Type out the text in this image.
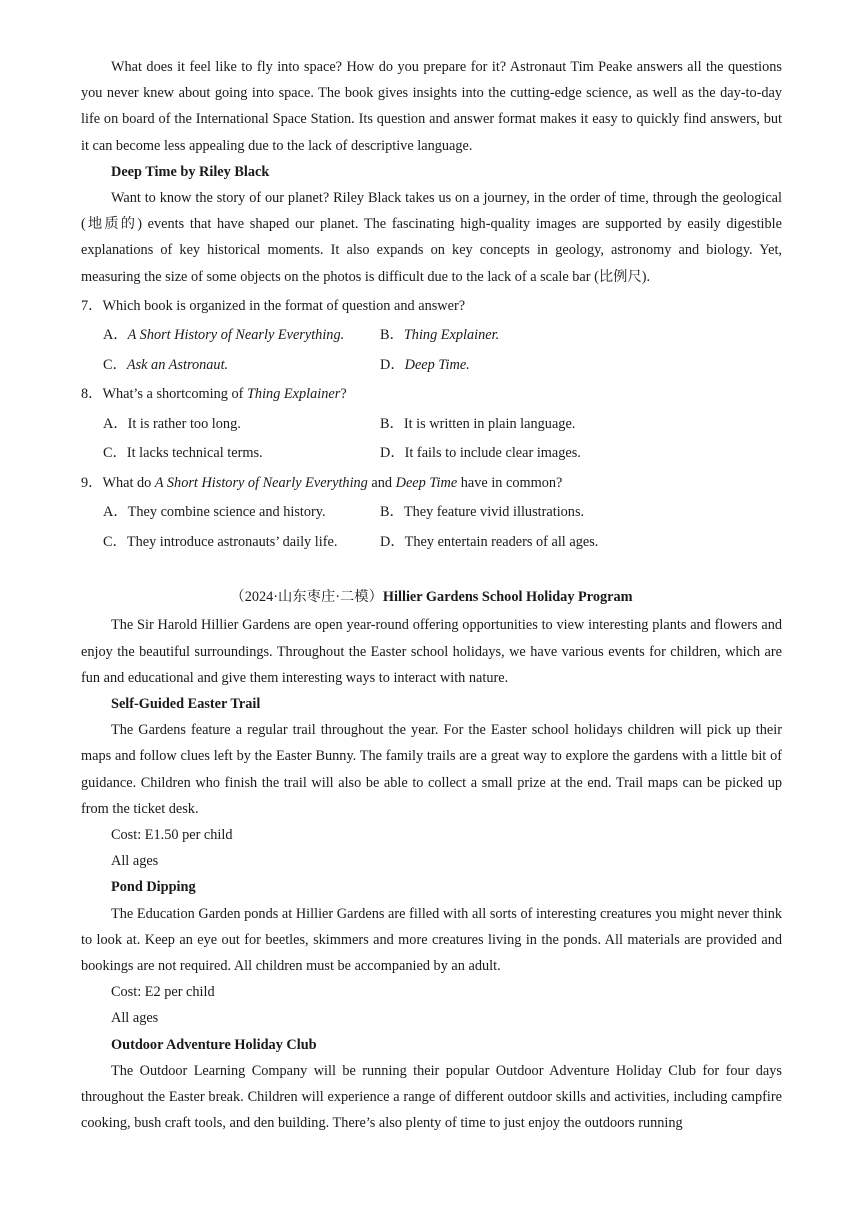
What does it feel like to fly into space? How do you prepare for it? Astronaut Tim Peake answers all the questions you never knew about going into space. The book gives insights into the cutting-edge science, as well as the day-to-day life on board of the International Space Station. Its question and answer format makes it easy to quickly find answers, but it can become less appealing due to the lack of descriptive language.

Deep Time by Riley Black

Want to know the story of our planet? Riley Black takes us on a journey, in the order of time, through the geological (地质的) events that have shaped our planet. The fascinating high-quality images are supported by easily digestible explanations of key historical moments. It also expands on key concepts in geology, astronomy and biology. Yet, measuring the size of some objects on the photos is difficult due to the lack of a scale bar (比例尺).

7．Which book is organized in the format of question and answer?

A．A Short History of Nearly Everything.	B．Thing Explainer.
C．Ask an Astronaut.	D．Deep Time.

8．What’s a shortcoming of Thing Explainer?

A．It is rather too long.	B．It is written in plain language.
C．It lacks technical terms.	D．It fails to include clear images.

9．What do A Short History of Nearly Everything and Deep Time have in common?

A．They combine science and history.	B．They feature vivid illustrations.
C．They introduce astronauts’ daily life.	D．They entertain readers of all ages.

（2024·山东枣庄·二模）Hillier Gardens School Holiday Program

The Sir Harold Hillier Gardens are open year-round offering opportunities to view interesting plants and flowers and enjoy the beautiful surroundings. Throughout the Easter school holidays, we have various events for children, which are fun and educational and give them interesting ways to interact with nature.

Self-Guided Easter Trail

The Gardens feature a regular trail throughout the year. For the Easter school holidays children will pick up their maps and follow clues left by the Easter Bunny. The family trails are a great way to explore the gardens with a little bit of guidance. Children who finish the trail will also be able to collect a small prize at the end. Trail maps can be picked up from the ticket desk.

Cost: E1.50 per child

All ages

Pond Dipping

The Education Garden ponds at Hillier Gardens are filled with all sorts of interesting creatures you might never think to look at. Keep an eye out for beetles, skimmers and more creatures living in the ponds. All materials are provided and bookings are not required. All children must be accompanied by an adult.

Cost: E2 per child

All ages

Outdoor Adventure Holiday Club

The Outdoor Learning Company will be running their popular Outdoor Adventure Holiday Club for four days throughout the Easter break. Children will experience a range of different outdoor skills and activities, including campfire cooking, bush craft tools, and den building. There’s also plenty of time to just enjoy the outdoors running
